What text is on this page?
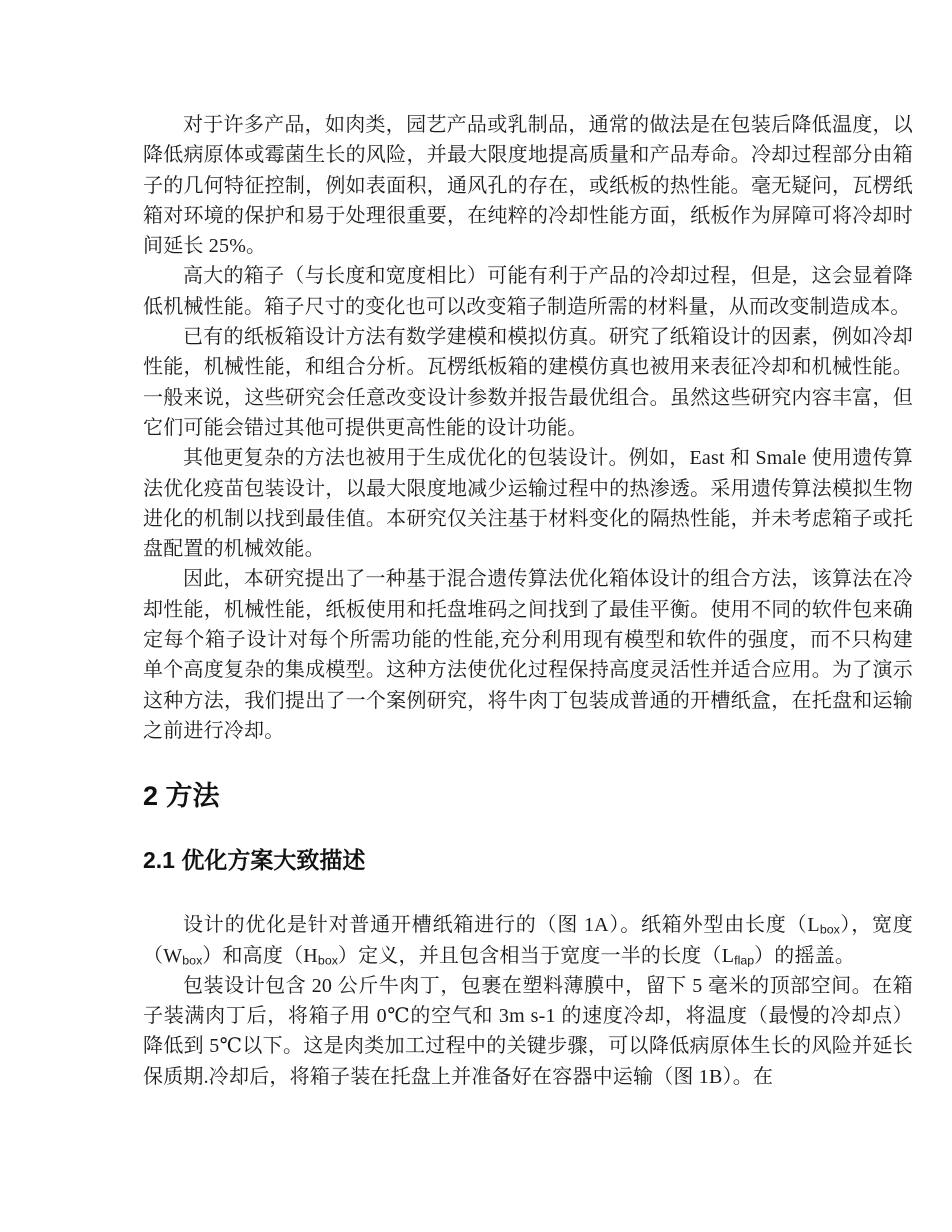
对于许多产品，如肉类，园艺产品或乳制品，通常的做法是在包装后降低温度，以降低病原体或霉菌生长的风险，并最大限度地提高质量和产品寿命。冷却过程部分由箱子的几何特征控制，例如表面积，通风孔的存在，或纸板的热性能。毫无疑问，瓦楞纸箱对环境的保护和易于处理很重要，在纯粹的冷却性能方面，纸板作为屏障可将冷却时间延长 25%。

高大的箱子（与长度和宽度相比）可能有利于产品的冷却过程，但是，这会显着降低机械性能。箱子尺寸的变化也可以改变箱子制造所需的材料量，从而改变制造成本。

已有的纸板箱设计方法有数学建模和模拟仿真。研究了纸箱设计的因素，例如冷却性能，机械性能，和组合分析。瓦楞纸板箱的建模仿真也被用来表征冷却和机械性能。一般来说，这些研究会任意改变设计参数并报告最优组合。虽然这些研究内容丰富，但它们可能会错过其他可提供更高性能的设计功能。

其他更复杂的方法也被用于生成优化的包装设计。例如，East 和 Smale 使用遗传算法优化疫苗包装设计，以最大限度地减少运输过程中的热渗透。采用遗传算法模拟生物进化的机制以找到最佳值。本研究仅关注基于材料变化的隔热性能，并未考虑箱子或托盘配置的机械效能。

因此，本研究提出了一种基于混合遗传算法优化箱体设计的组合方法，该算法在冷却性能，机械性能，纸板使用和托盘堆码之间找到了最佳平衡。使用不同的软件包来确定每个箱子设计对每个所需功能的性能,充分利用现有模型和软件的强度，而不只构建单个高度复杂的集成模型。这种方法使优化过程保持高度灵活性并适合应用。为了演示这种方法，我们提出了一个案例研究，将牛肉丁包装成普通的开槽纸盒，在托盘和运输之前进行冷却。

2 方法
2.1 优化方案大致描述

设计的优化是针对普通开槽纸箱进行的（图 1A）。纸箱外型由长度$(L_{box})$，宽度$(W_{box})$和高度$(H_{box})$定义，并且包含相当于宽度一半的长度$(L_{flap})$的摇盖。

包装设计包含 20 公斤牛肉丁，包裹在塑料薄膜中，留下 5 毫米的顶部空间。在箱子装满肉丁后，将箱子用 0℃的空气和 3m s-1 的速度冷却，将温度（最慢的冷却点）降低到 5℃以下。这是肉类加工过程中的关键步骤，可以降低病原体生长的风险并延长保质期.冷却后，将箱子装在托盘上并准备好在容器中运输（图 1B）。在
